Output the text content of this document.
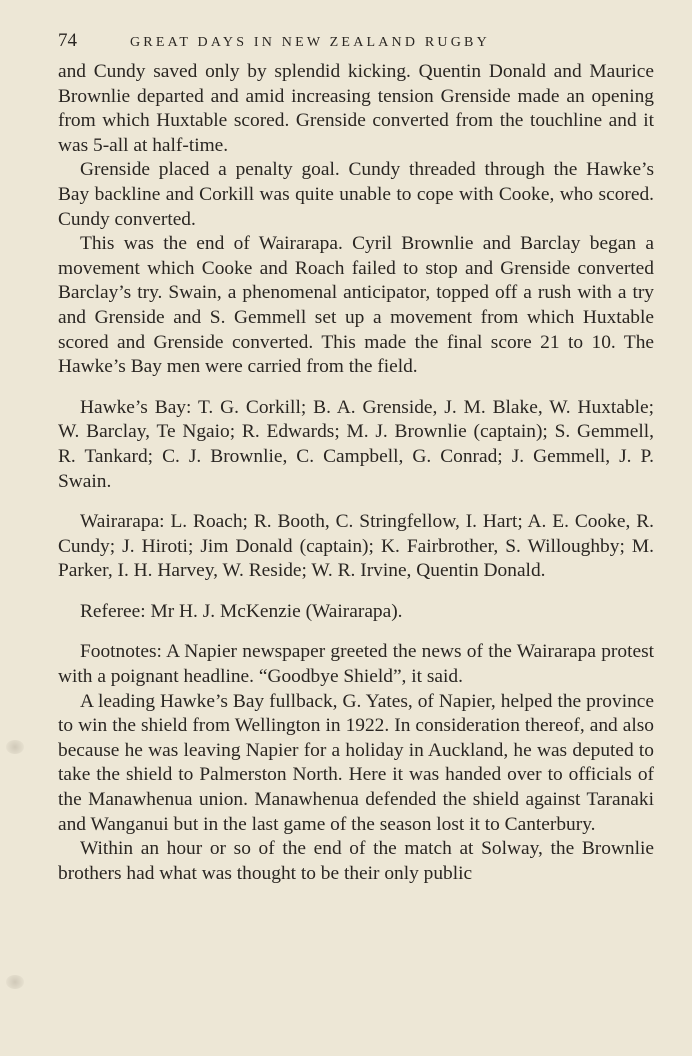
74	GREAT DAYS IN NEW ZEALAND RUGBY

and Cundy saved only by splendid kicking. Quentin Donald and Maurice Brownlie departed and amid increasing tension Grenside made an opening from which Huxtable scored. Grenside converted from the touchline and it was 5-all at half-time.

Grenside placed a penalty goal. Cundy threaded through the Hawke’s Bay backline and Corkill was quite unable to cope with Cooke, who scored. Cundy converted.

This was the end of Wairarapa. Cyril Brownlie and Barclay began a movement which Cooke and Roach failed to stop and Grenside converted Barclay’s try. Swain, a phenomenal anticipator, topped off a rush with a try and Grenside and S. Gemmell set up a movement from which Huxtable scored and Grenside converted. This made the final score 21 to 10. The Hawke’s Bay men were carried from the field.

Hawke’s Bay: T. G. Corkill; B. A. Grenside, J. M. Blake, W. Huxtable; W. Barclay, Te Ngaio; R. Edwards; M. J. Brownlie (captain); S. Gemmell, R. Tankard; C. J. Brownlie, C. Campbell, G. Conrad; J. Gemmell, J. P. Swain.

Wairarapa: L. Roach; R. Booth, C. Stringfellow, I. Hart; A. E. Cooke, R. Cundy; J. Hiroti; Jim Donald (captain); K. Fairbrother, S. Willoughby; M. Parker, I. H. Harvey, W. Reside; W. R. Irvine, Quentin Donald.

Referee: Mr H. J. McKenzie (Wairarapa).

Footnotes: A Napier newspaper greeted the news of the Wairarapa protest with a poignant headline. “Goodbye Shield”, it said.

A leading Hawke’s Bay fullback, G. Yates, of Napier, helped the province to win the shield from Wellington in 1922. In consideration thereof, and also because he was leaving Napier for a holiday in Auckland, he was deputed to take the shield to Palmerston North. Here it was handed over to officials of the Manawhenua union. Manawhenua defended the shield against Taranaki and Wanganui but in the last game of the season lost it to Canterbury.

Within an hour or so of the end of the match at Solway, the Brownlie brothers had what was thought to be their only public
